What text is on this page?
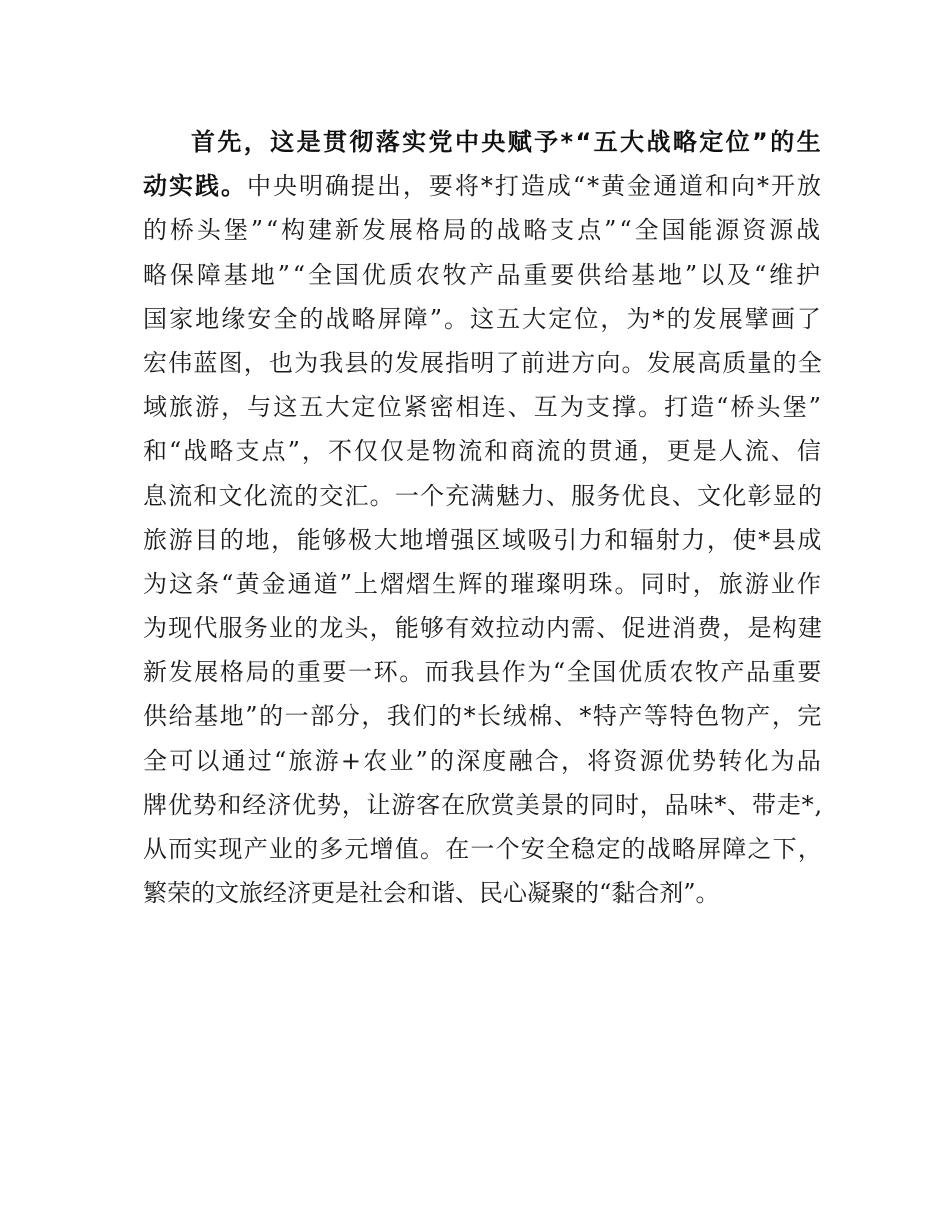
首先，这是贯彻落实党中央赋予*“五大战略定位”的生
动实践。 中央明确提出，要将*打造成“*黄金通道和向*开放
的桥头堡”“构建新发展格局的战略支点”“全国能源资源战
略保障基地”“全国优质农牧产品重要供给基地”以及“维护
国家地缘安全的战略屏障”。这五大定位，为*的发展擘画了
宏伟蓝图，也为我县的发展指明了前进方向。发展高质量的全
域旅游，与这五大定位紧密相连、互为支撑。打造“桥头堡”
和“战略支点”，不仅仅是物流和商流的贯通，更是人流、信
息流和文化流的交汇。一个充满魅力、服务优良、文化彰显的
旅游目的地，能够极大地增强区域吸引力和辐射力，使*县成
为这条“黄金通道”上熠熠生辉的璀璨明珠。同时，旅游业作
为现代服务业的龙头，能够有效拉动内需、促进消费，是构建
新发展格局的重要一环。而我县作为“全国优质农牧产品重要
供给基地”的一部分，我们的*长绒棉、*特产等特色物产，完
全可以通过“旅游+农业”的深度融合，将资源优势转化为品
牌优势和经济优势，让游客在欣赏美景的同时，品味*、带走*,
从而实现产业的多元增值。在一个安全稳定的战略屏障之下，
繁荣的文旅经济更是社会和谐、民心凝聚的“黏合剂”。
